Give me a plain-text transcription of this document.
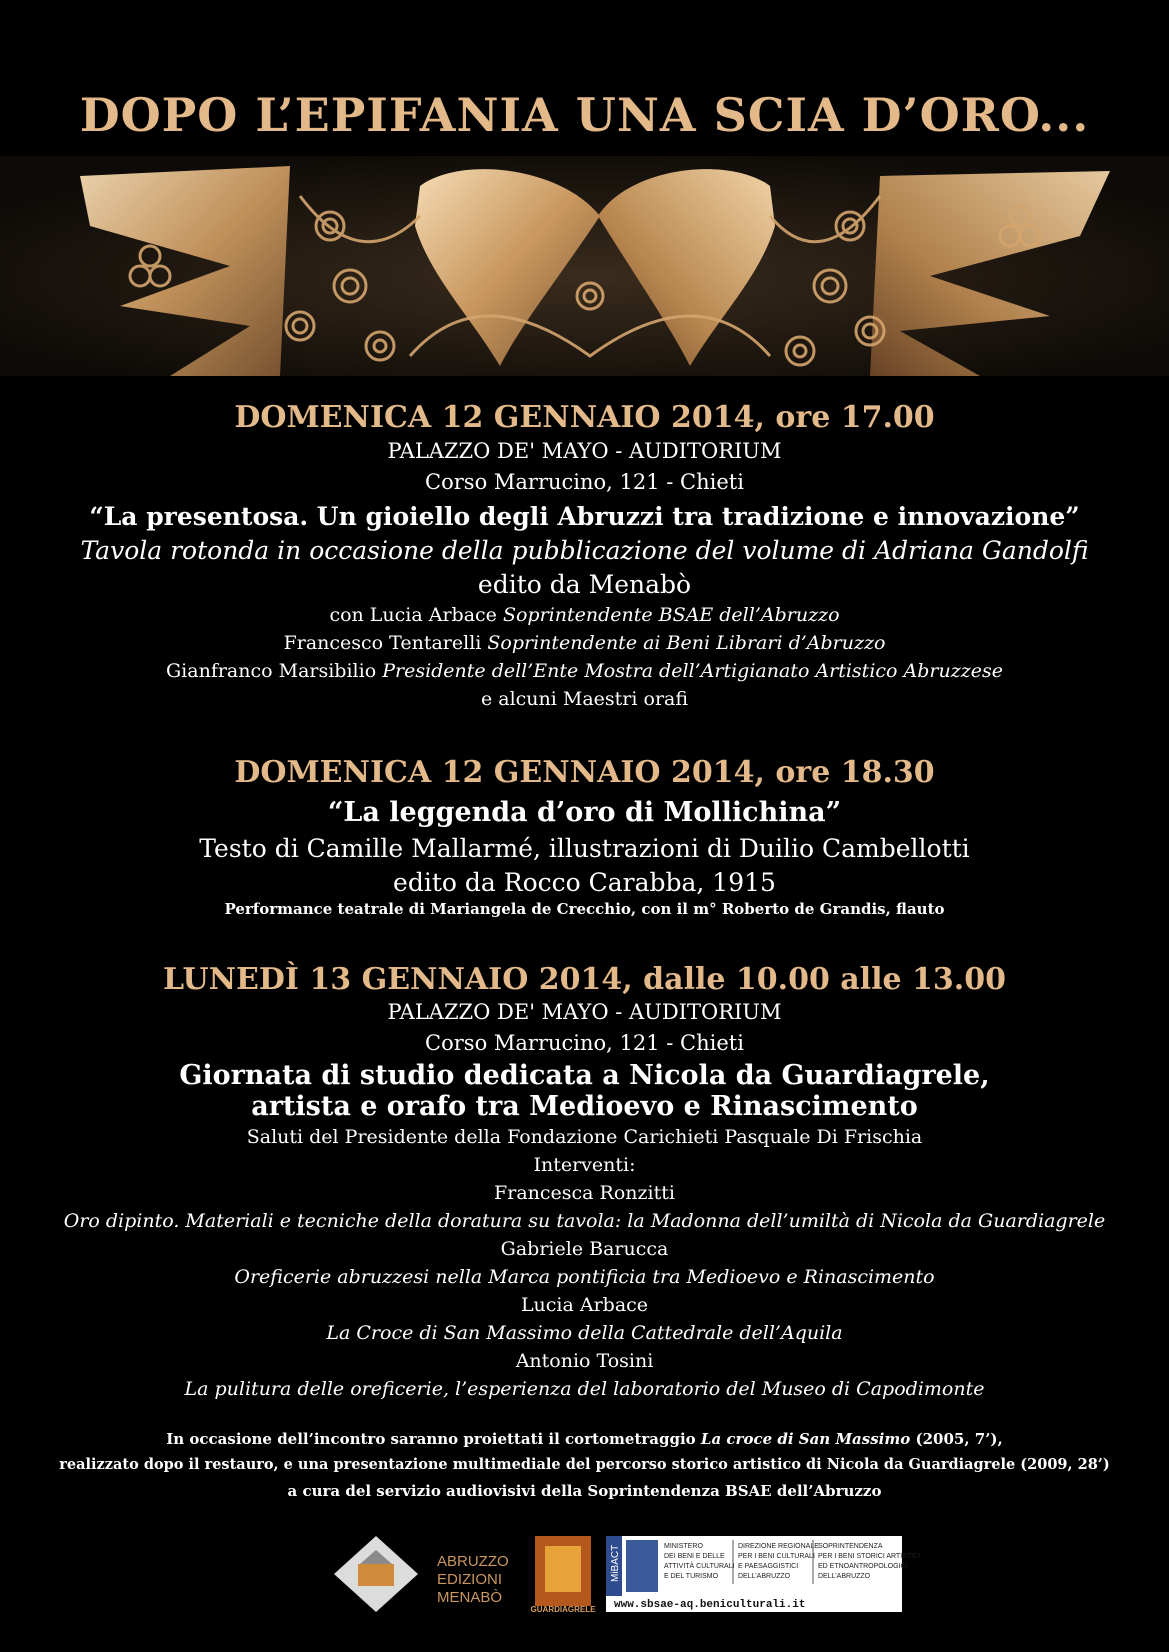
DOPO L’EPIFANIA UNA SCIA D’ORO...
DOMENICA 12 GENNAIO 2014, ore 17.00
PALAZZO DE' MAYO - AUDITORIUM
Corso Marrucino, 121 - Chieti
“La presentosa. Un gioiello degli Abruzzi tra tradizione e innovazione”
Tavola rotonda in occasione della pubblicazione del volume di Adriana Gandolfi
edito da Menabò
con Lucia Arbace Soprintendente BSAE dell’Abruzzo
Francesco Tentarelli Soprintendente ai Beni Librari d’Abruzzo
Gianfranco Marsibilio Presidente dell’Ente Mostra dell’Artigianato Artistico Abruzzese
e alcuni Maestri orafi
DOMENICA 12 GENNAIO 2014, ore 18.30
“La leggenda d’oro di Mollichina”
Testo di Camille Mallarmé, illustrazioni di Duilio Cambellotti
edito da Rocco Carabba, 1915
Performance teatrale di Mariangela de Crecchio, con il m° Roberto de Grandis, flauto
LUNEDÌ 13 GENNAIO 2014, dalle 10.00 alle 13.00
PALAZZO DE' MAYO - AUDITORIUM
Corso Marrucino, 121 - Chieti
Giornata di studio dedicata a Nicola da Guardiagrele,
artista e orafo tra Medioevo e Rinascimento
Saluti del Presidente della Fondazione Carichieti Pasquale Di Frischia
Interventi:
Francesca Ronzitti
Oro dipinto. Materiali e tecniche della doratura su tavola: la Madonna dell’umiltà di Nicola da Guardiagrele
Gabriele Barucca
Oreficerie abruzzesi nella Marca pontificia tra Medioevo e Rinascimento
Lucia Arbace
La Croce di San Massimo della Cattedrale dell’Aquila
Antonio Tosini
La pulitura delle oreficerie, l’esperienza del laboratorio del Museo di Capodimonte
In occasione dell’incontro saranno proiettati il cortometraggio La croce di San Massimo (2005, 7’),
realizzato dopo il restauro, e una presentazione multimediale del percorso storico artistico di Nicola da Guardiagrele (2009, 28’)
a cura del servizio audiovisivi della Soprintendenza BSAE dell’Abruzzo
ABRUZZO
EDIZIONI
MENABÒ
GUARDIAGRELE
MiBACT	MINISTERO
DEI BENI E DELLE
ATTIVITÀ CULTURALI
E DEL TURISMO
DIREZIONE REGIONALE
PER I BENI CULTURALI
E PAESAGGISTICI
DELL’ABRUZZO
SOPRINTENDENZA
PER I BENI STORICI ARTISTICI
ED ETNOANTROPOLOGICI
DELL’ABRUZZO
www.sbsae-aq.beniculturali.it
